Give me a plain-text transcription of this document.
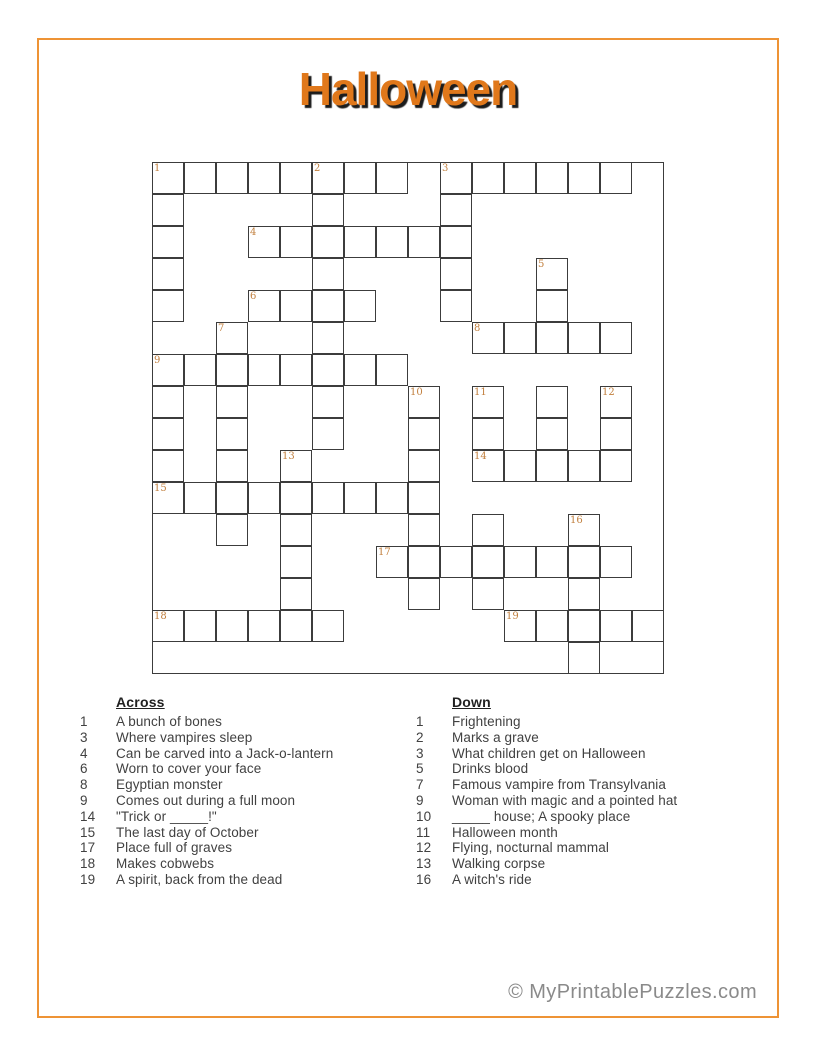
Halloween
1	2	3
4
5
6
7	8
9
10	11	12
13	14
15
16
17
18	19
Across
1	A bunch of bones
3	Where vampires sleep
4	Can be carved into a Jack-o-lantern
6	Worn to cover your face
8	Egyptian monster
9	Comes out during a full moon
14	"Trick or _____!"
15	The last day of October
17	Place full of graves
18	Makes cobwebs
19	A spirit, back from the dead
Down
1	Frightening
2	Marks a grave
3	What children get on Halloween
5	Drinks blood
7	Famous vampire from Transylvania
9	Woman with magic and a pointed hat
10	_____ house; A spooky place
11	Halloween month
12	Flying, nocturnal mammal
13	Walking corpse
16	A witch's ride
© MyPrintablePuzzles.com
